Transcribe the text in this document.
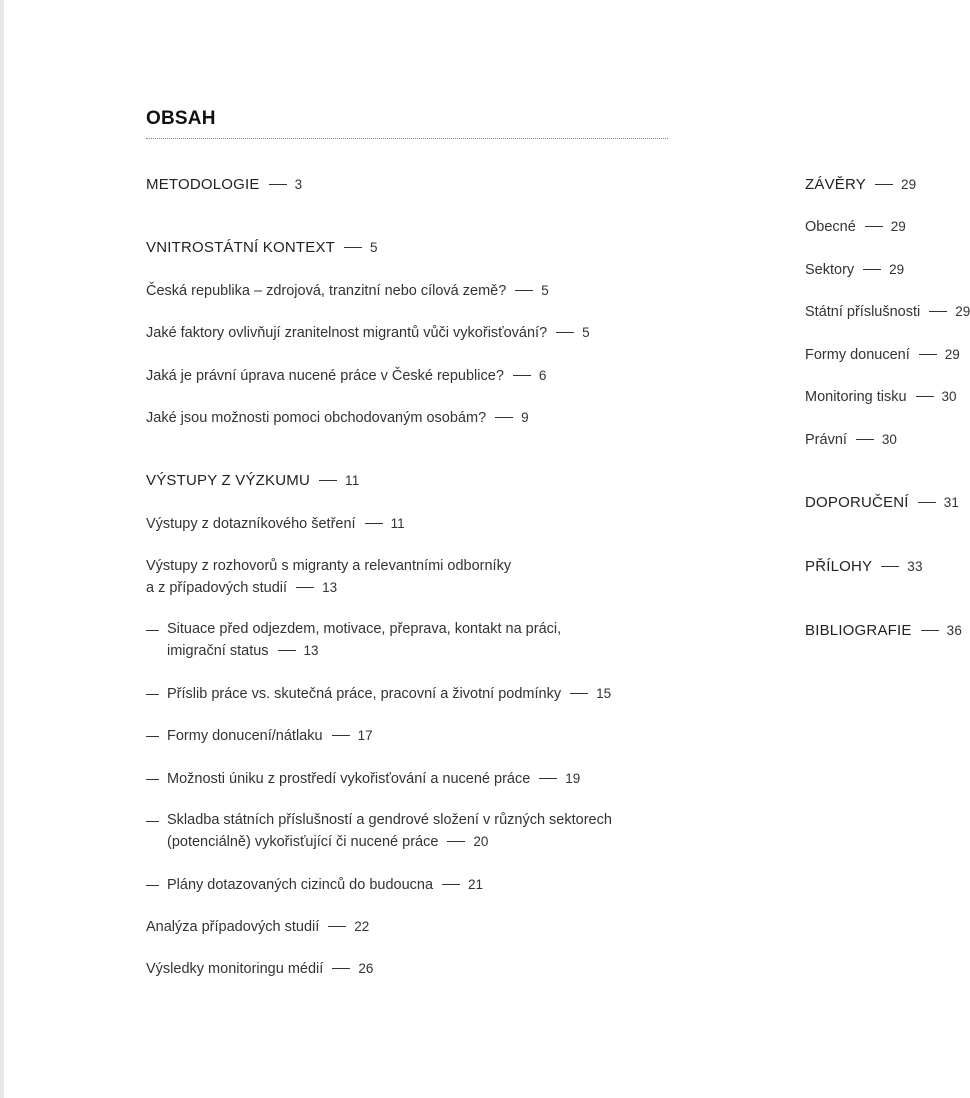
OBSAH
METODOLOGIE	3
VNITROSTÁTNÍ KONTEXT	5
Česká republika – zdrojová, tranzitní nebo cílová země?	5
Jaké faktory ovlivňují zranitelnost migrantů vůči vykořisťování?	5
Jaká je právní úprava nucené práce v České republice?	6
Jaké jsou možnosti pomoci obchodovaným osobám?	9
VÝSTUPY Z VÝZKUMU	11
Výstupy z dotazníkového šetření	11
Výstupy z rozhovorů s migranty a relevantními odborníky
a z případových studií	13
Situace před odjezdem, motivace, přeprava, kontakt na práci,
imigrační status	13
Příslib práce vs. skutečná práce, pracovní a životní podmínky	15
Formy donucení/nátlaku	17
Možnosti úniku z prostředí vykořisťování a nucené práce	19
Skladba státních příslušností a gendrové složení v různých sektorech
(potenciálně) vykořisťující či nucené práce	20
Plány dotazovaných cizinců do budoucna	21
Analýza případových studií	22
Výsledky monitoringu médií	26
ZÁVĚRY	29
Obecné	29
Sektory	29
Státní příslušnosti	29
Formy donucení	29
Monitoring tisku	30
Právní	30
DOPORUČENÍ	31
PŘÍLOHY	33
BIBLIOGRAFIE	36
